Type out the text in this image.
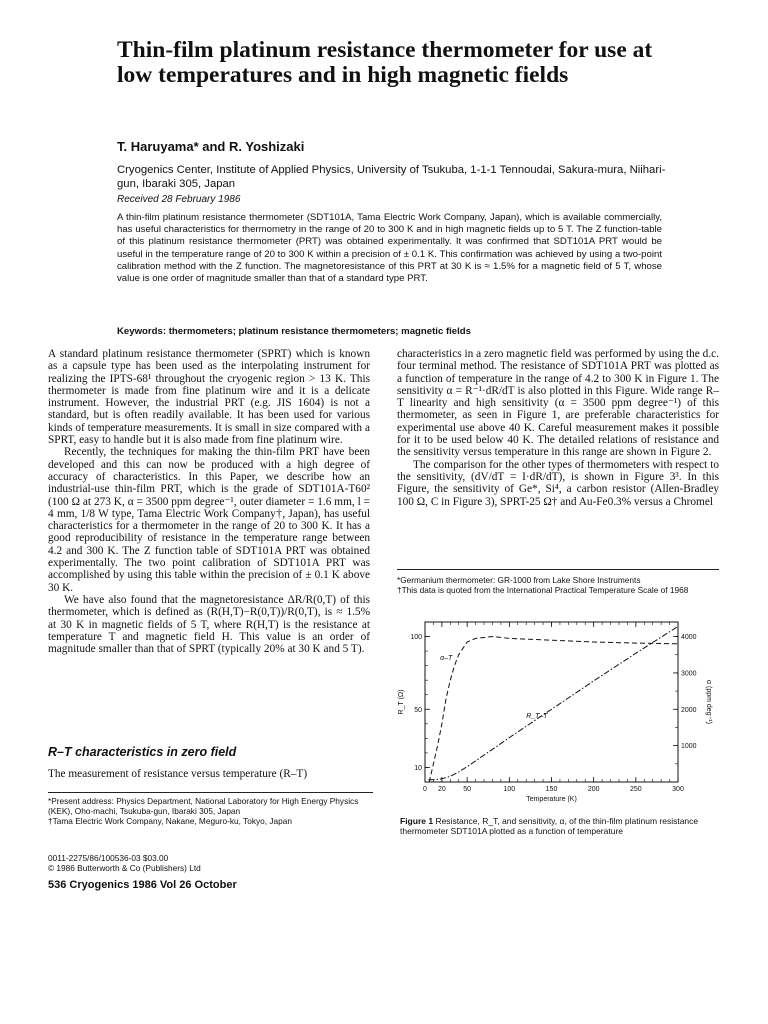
Thin-film platinum resistance thermometer for use at low temperatures and in high magnetic fields
T. Haruyama* and R. Yoshizaki
Cryogenics Center, Institute of Applied Physics, University of Tsukuba, 1-1-1 Tennoudai, Sakura-mura, Niihari-gun, Ibaraki 305, Japan
Received 28 February 1986
A thin-film platinum resistance thermometer (SDT101A, Tama Electric Work Company, Japan), which is available commercially, has useful characteristics for thermometry in the range of 20 to 300 K and in high magnetic fields up to 5 T. The Z function-table of this platinum resistance thermometer (PRT) was obtained experimentally. It was confirmed that SDT101A PRT would be useful in the temperature range of 20 to 300 K within a precision of ± 0.1 K. This confirmation was achieved by using a two-point calibration method with the Z function. The magnetoresistance of this PRT at 30 K is ≈ 1.5% for a magnetic field of 5 T, whose value is one order of magnitude smaller than that of a standard type PRT.
Keywords: thermometers; platinum resistance thermometers; magnetic fields

A standard platinum resistance thermometer (SPRT) which is known as a capsule type has been used as the interpolating instrument for realizing the IPTS-68¹ throughout the cryogenic region > 13 K. This thermometer is made from fine platinum wire and it is a delicate instrument. However, the industrial PRT (e.g. JIS 1604) is not a standard, but is often readily available. It has been used for various kinds of temperature measurements. It is small in size compared with a SPRT, easy to handle but it is also made from fine platinum wire.

Recently, the techniques for making the thin-film PRT have been developed and this can now be produced with a high degree of accuracy of characteristics. In this Paper, we describe how an industrial-use thin-film PRT, which is the grade of SDT101A-T60² (100 Ω at 273 K, α = 3500 ppm degree⁻¹, outer diameter = 1.6 mm, l = 4 mm, 1/8 W type, Tama Electric Work Company†, Japan), has useful characteristics for a thermometer in the range of 20 to 300 K. It has a good reproducibility of resistance in the temperature range between 4.2 and 300 K. The Z function table of SDT101A PRT was obtained experimentally. The two point calibration of SDT101A PRT was accomplished by using this table within the precision of ± 0.1 K above 30 K.

We have also found that the magnetoresistance ΔR/R(0,T) of this thermometer, which is defined as (R(H,T)−R(0,T))/R(0,T), is ≈ 1.5% at 30 K in magnetic fields of 5 T, where R(H,T) is the resistance at temperature T and magnetic field H. This value is an order of magnitude smaller than that of SPRT (typically 20% at 30 K and 5 T).

R–T characteristics in zero field
The measurement of resistance versus temperature (R–T)
*Present address: Physics Department, National Laboratory for High Energy Physics (KEK), Oho-machi, Tsukuba-gun, Ibaraki 305, Japan
†Tama Electric Work Company, Nakane, Meguro-ku, Tokyo, Japan
0011-2275/86/100536-03 $03.00
© 1986 Butterworth & Co (Publishers) Ltd
536 Cryogenics 1986 Vol 26 October

characteristics in a zero magnetic field was performed by using the d.c. four terminal method. The resistance of SDT101A PRT was plotted as a function of temperature in the range of 4.2 to 300 K in Figure 1. The sensitivity α = R⁻¹·dR/dT is also plotted in this Figure. Wide range R–T linearity and high sensitivity (α = 3500 ppm degree⁻¹) of this thermometer, as seen in Figure 1, are preferable characteristics for experimental use above 40 K. Careful measurement makes it possible for it to be used below 40 K. The detailed relations of resistance and the sensitivity versus temperature in this range are shown in Figure 2.

The comparison for the other types of thermometers with respect to the sensitivity, (dV/dT = I·dR/dT), is shown in Figure 3³. In this Figure, the sensitivity of Ge*, Si⁴, a carbon resistor (Allen-Bradley 100 Ω, C in Figure 3), SPRT-25 Ω† and Au-Fe0.3% versus a Chromel

*Germanium thermometer: GR-1000 from Lake Shore Instruments
†This data is quoted from the International Practical Temperature Scale of 1968
0 20	50	100	150	200	250	300
10
50
100
1000
2000
3000
4000
Temperature (K)
R_T (Ω)	α (ppm deg⁻¹)
α–T
R_T–T
Figure 1 Resistance, R_T, and sensitivity, α, of the thin-film platinum resistance thermometer SDT101A plotted as a function of temperature
